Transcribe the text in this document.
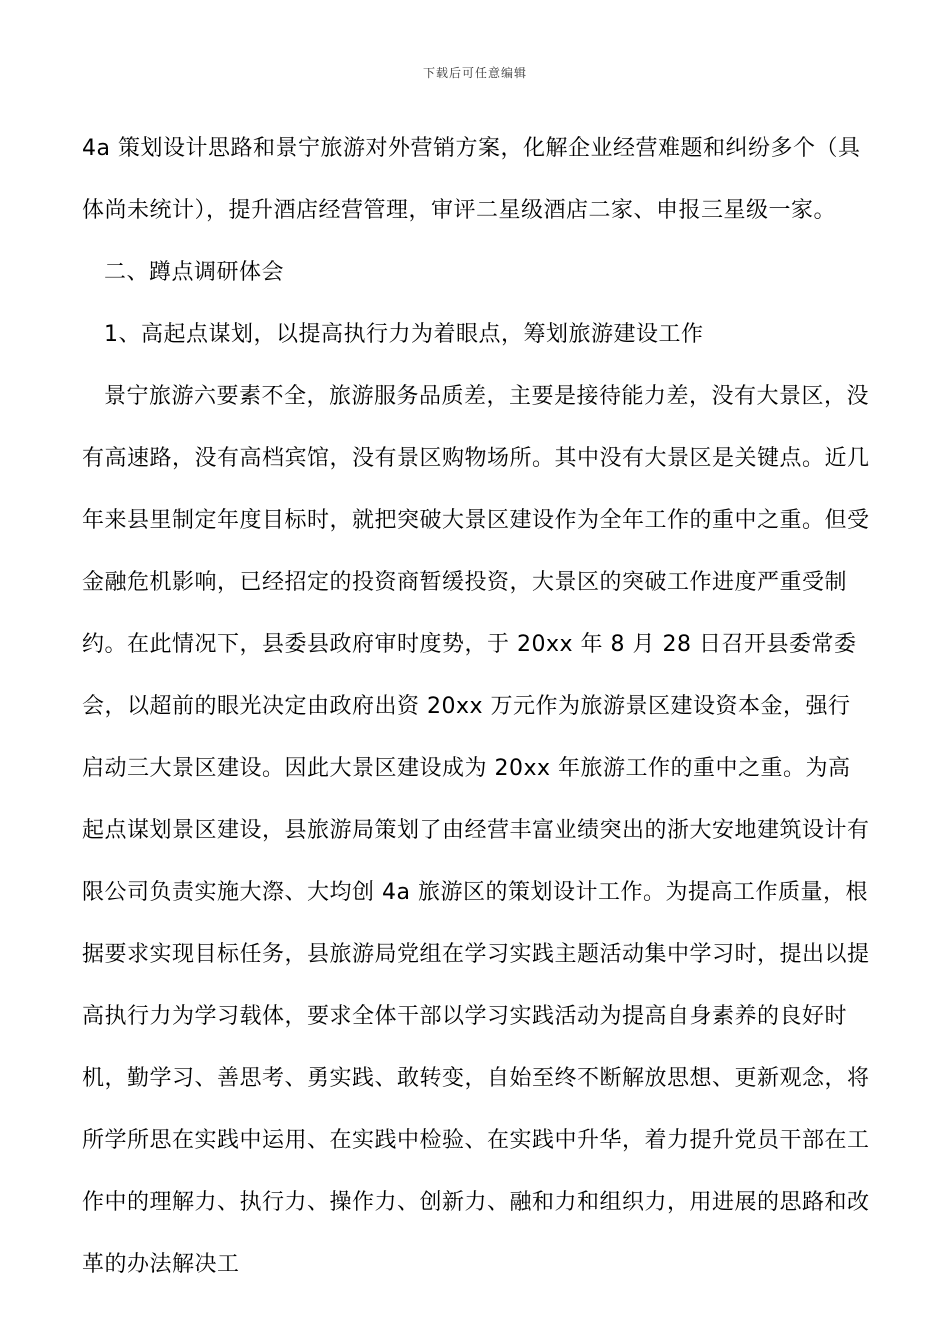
下载后可任意编辑

4a 策划设计思路和景宁旅游对外营销方案，化解企业经营难题和纠纷多个（具体尚未统计），提升酒店经营管理，审评二星级酒店二家、申报三星级一家。

二、蹲点调研体会

1、高起点谋划，以提高执行力为着眼点，筹划旅游建设工作

景宁旅游六要素不全，旅游服务品质差，主要是接待能力差，没有大景区，没有高速路，没有高档宾馆，没有景区购物场所。其中没有大景区是关键点。近几年来县里制定年度目标时，就把突破大景区建设作为全年工作的重中之重。但受金融危机影响，已经招定的投资商暂缓投资，大景区的突破工作进度严重受制约。在此情况下，县委县政府审时度势，于 20xx 年 8 月 28 日召开县委常委会，以超前的眼光决定由政府出资 20xx 万元作为旅游景区建设资本金，强行启动三大景区建设。因此大景区建设成为 20xx 年旅游工作的重中之重。为高起点谋划景区建设，县旅游局策划了由经营丰富业绩突出的浙大安地建筑设计有限公司负责实施大漈、大均创 4a 旅游区的策划设计工作。为提高工作质量，根据要求实现目标任务，县旅游局党组在学习实践主题活动集中学习时，提出以提高执行力为学习载体，要求全体干部以学习实践活动为提高自身素养的良好时机，勤学习、善思考、勇实践、敢转变，自始至终不断解放思想、更新观念，将所学所思在实践中运用、在实践中检验、在实践中升华，着力提升党员干部在工作中的理解力、执行力、操作力、创新力、融和力和组织力，用进展的思路和改革的办法解决工
